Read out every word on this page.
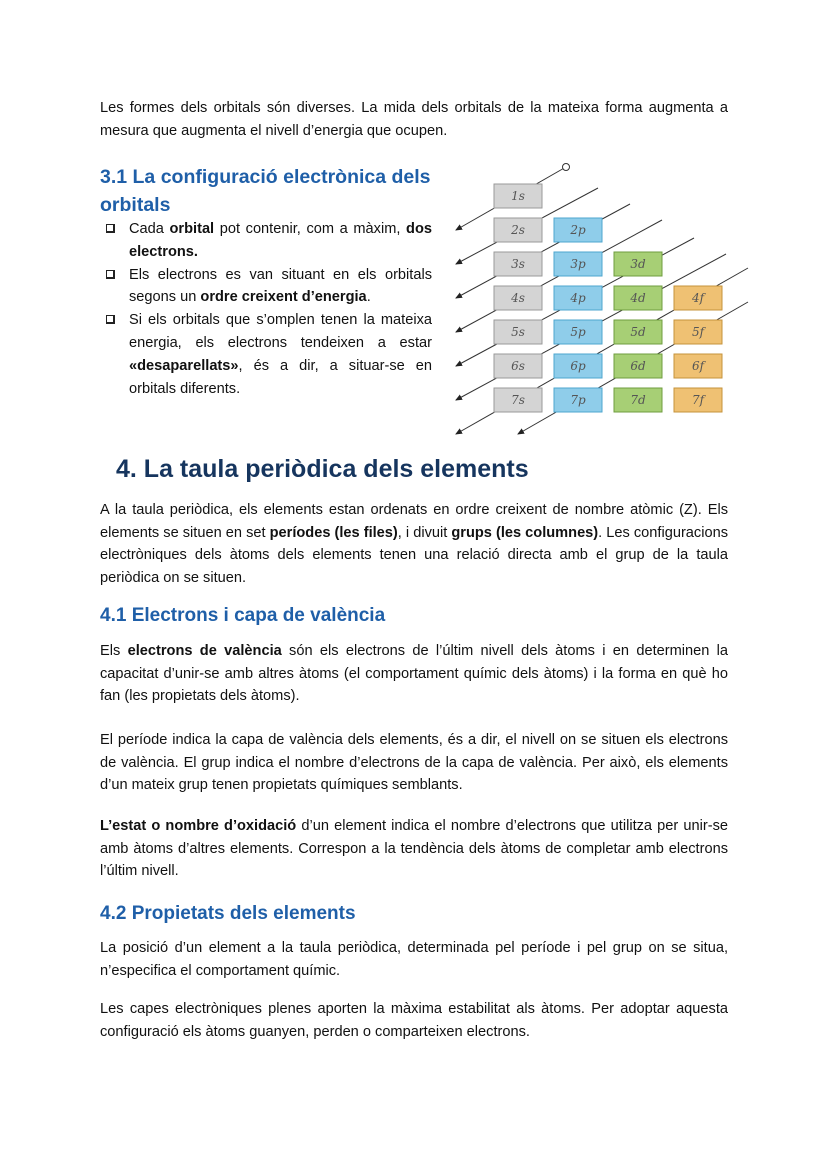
Les formes dels orbitals són diverses. La mida dels orbitals de la mateixa forma augmenta a mesura que augmenta el nivell d’energia que ocupen.

3.1 La configuració electrònica dels orbitals
Cada orbital pot contenir, com a màxim, dos electrons.
Els electrons es van situant en els orbitals segons un ordre creixent d’energia.
Si els orbitals que s’omplen tenen la mateixa energia, els electrons tendeixen a estar «desaparellats», és a dir, a situar-se en orbitals diferents.
1s
2s	2p
3s	3p	3d
4s	4p	4d	4f
5s	5p	5d	5f
6s	6p	6d	6f
7s	7p	7d	7f
4. La taula periòdica dels elements

A la taula periòdica, els elements estan ordenats en ordre creixent de nombre atòmic (Z). Els elements se situen en set períodes (les files), i divuit grups (les columnes). Les configuracions electròniques dels àtoms dels elements tenen una relació directa amb el grup de la taula periòdica on se situen.

4.1 Electrons i capa de valència

Els electrons de valència són els electrons de l’últim nivell dels àtoms i en determinen la capacitat d’unir-se amb altres àtoms (el comportament químic dels àtoms) i la forma en què ho fan (les propietats dels àtoms).

El període indica la capa de valència dels elements, és a dir, el nivell on se situen els electrons de valència. El grup indica el nombre d’electrons de la capa de valència. Per això, els elements d’un mateix grup tenen propietats químiques semblants.

L’estat o nombre d’oxidació d’un element indica el nombre d’electrons que utilitza per unir-se amb àtoms d’altres elements. Correspon a la tendència dels àtoms de completar amb electrons l’últim nivell.

4.2 Propietats dels elements

La posició d’un element a la taula periòdica, determinada pel període i pel grup on se situa, n’especifica el comportament químic.

Les capes electròniques plenes aporten la màxima estabilitat als àtoms. Per adoptar aquesta configuració els àtoms guanyen, perden o comparteixen electrons.
